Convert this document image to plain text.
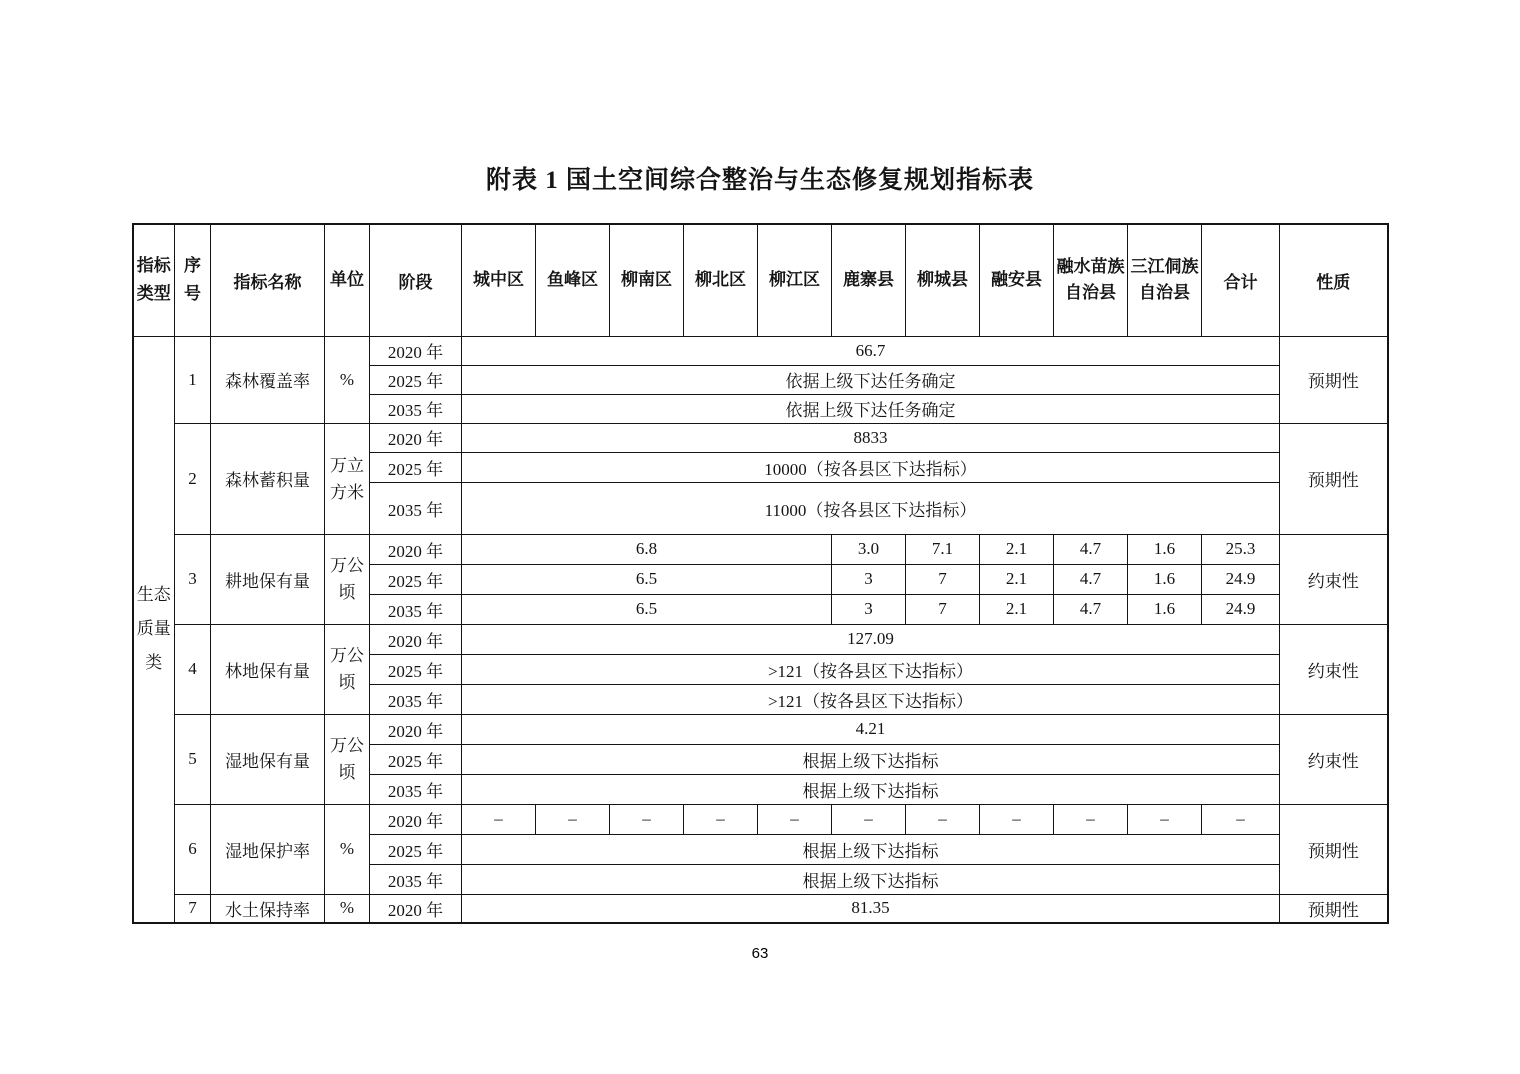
附表 1 国土空间综合整治与生态修复规划指标表
指标类型	序号	指标名称	单位	阶段	城中区	鱼峰区	柳南区	柳北区	柳江区	鹿寨县	柳城县	融安县	融水苗族自治县	三江侗族自治县	合计	性质
生态质量类	1	森林覆盖率	%	2020 年	66.7											预期性
				2025 年	依据上级下达任务确定											
				2035 年	依据上级下达任务确定											
	2	森林蓄积量	万立方米	2020 年	8833											预期性
				2025 年	10000（按各县区下达指标）											
				2035 年	11000（按各县区下达指标）											
	3	耕地保有量	万公顷	2020 年	6.8					3.0	7.1	2.1	4.7	1.6	25.3	约束性
				2025 年	6.5					3	7	2.1	4.7	1.6	24.9	
				2035 年	6.5					3	7	2.1	4.7	1.6	24.9	
	4	林地保有量	万公顷	2020 年	127.09											约束性
				2025 年	>121（按各县区下达指标）											
				2035 年	>121（按各县区下达指标）											
	5	湿地保有量	万公顷	2020 年	4.21											约束性
				2025 年	根据上级下达指标											
				2035 年	根据上级下达指标											
	6	湿地保护率	%	2020 年	–	–	–	–	–	–	–	–	–	–	–	预期性
				2025 年	根据上级下达指标											
				2035 年	根据上级下达指标											
	7	水土保持率	%	2020 年	81.35											预期性
63
